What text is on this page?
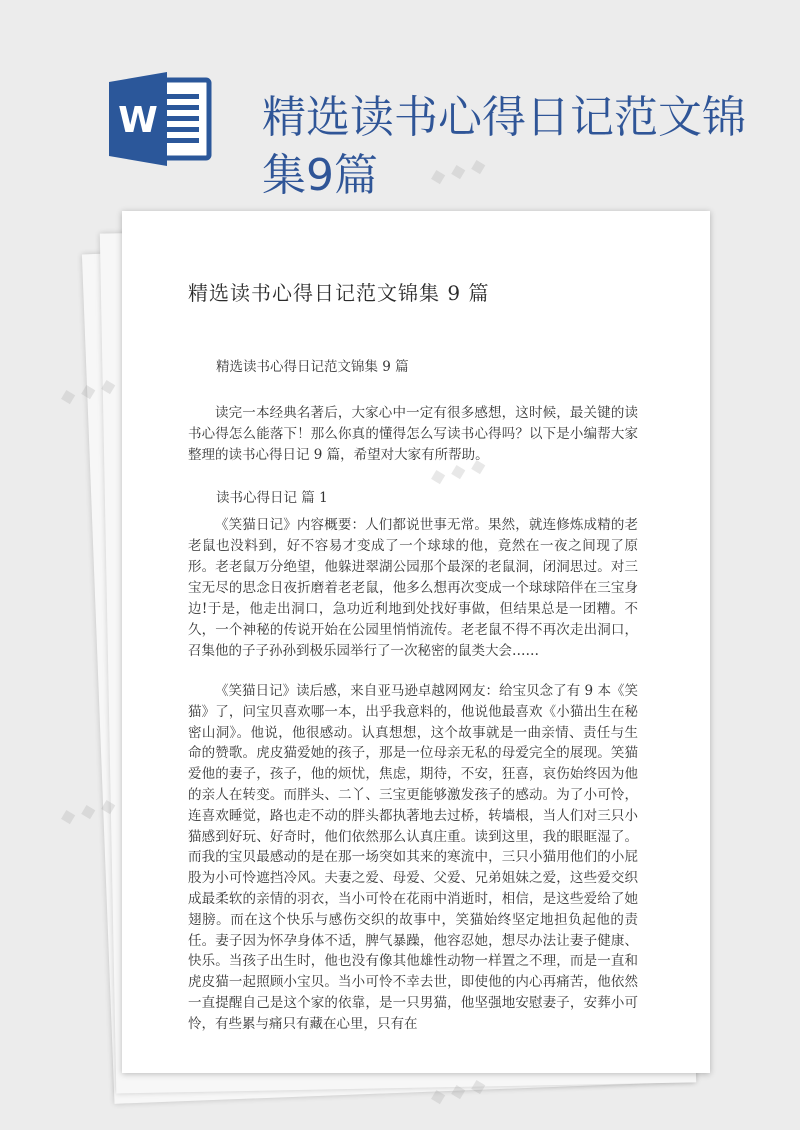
W 精选读书心得日记范文锦集9篇
精选读书心得日记范文锦集 9 篇

精选读书心得日记范文锦集 9 篇

读完一本经典名著后，大家心中一定有很多感想，这时候，最关键的读书心得怎么能落下！那么你真的懂得怎么写读书心得吗？以下是小编帮大家整理的读书心得日记 9 篇，希望对大家有所帮助。

读书心得日记 篇 1

《笑猫日记》内容概要：人们都说世事无常。果然，就连修炼成精的老老鼠也没料到，好不容易才变成了一个球球的他，竟然在一夜之间现了原形。老老鼠万分绝望，他躲进翠湖公园那个最深的老鼠洞，闭洞思过。对三宝无尽的思念日夜折磨着老老鼠，他多么想再次变成一个球球陪伴在三宝身边!于是，他走出洞口，急功近利地到处找好事做，但结果总是一团糟。不久，一个神秘的传说开始在公园里悄悄流传。老老鼠不得不再次走出洞口，召集他的子子孙孙到极乐园举行了一次秘密的鼠类大会……

《笑猫日记》读后感，来自亚马逊卓越网网友：给宝贝念了有 9 本《笑猫》了，问宝贝喜欢哪一本，出乎我意料的，他说他最喜欢《小猫出生在秘密山洞》。他说，他很感动。认真想想，这个故事就是一曲亲情、责任与生命的赞歌。虎皮猫爱她的孩子，那是一位母亲无私的母爱完全的展现。笑猫爱他的妻子，孩子，他的烦忧，焦虑，期待，不安，狂喜，哀伤始终因为他的亲人在转变。而胖头、二丫、三宝更能够激发孩子的感动。为了小可怜，连喜欢睡觉，路也走不动的胖头都执著地去过桥，转墙根，当人们对三只小猫感到好玩、好奇时，他们依然那么认真庄重。读到这里，我的眼眶湿了。而我的宝贝最感动的是在那一场突如其来的寒流中，三只小猫用他们的小屁股为小可怜遮挡冷风。夫妻之爱、母爱、父爱、兄弟姐妹之爱，这些爱交织成最柔软的亲情的羽衣，当小可怜在花雨中消逝时，相信，是这些爱给了她翅膀。而在这个快乐与感伤交织的故事中，笑猫始终坚定地担负起他的责任。妻子因为怀孕身体不适，脾气暴躁，他容忍她，想尽办法让妻子健康、快乐。当孩子出生时，他也没有像其他雄性动物一样置之不理，而是一直和虎皮猫一起照顾小宝贝。当小可怜不幸去世，即使他的内心再痛苦，他依然一直提醒自己是这个家的依靠，是一只男猫，他坚强地安慰妻子，安葬小可怜，有些累与痛只有藏在心里，只有在

◆ ◆ ◆
◆ ◆ ◆
◆ ◆ ◆
◆ ◆ ◆
◆ ◆ ◆
